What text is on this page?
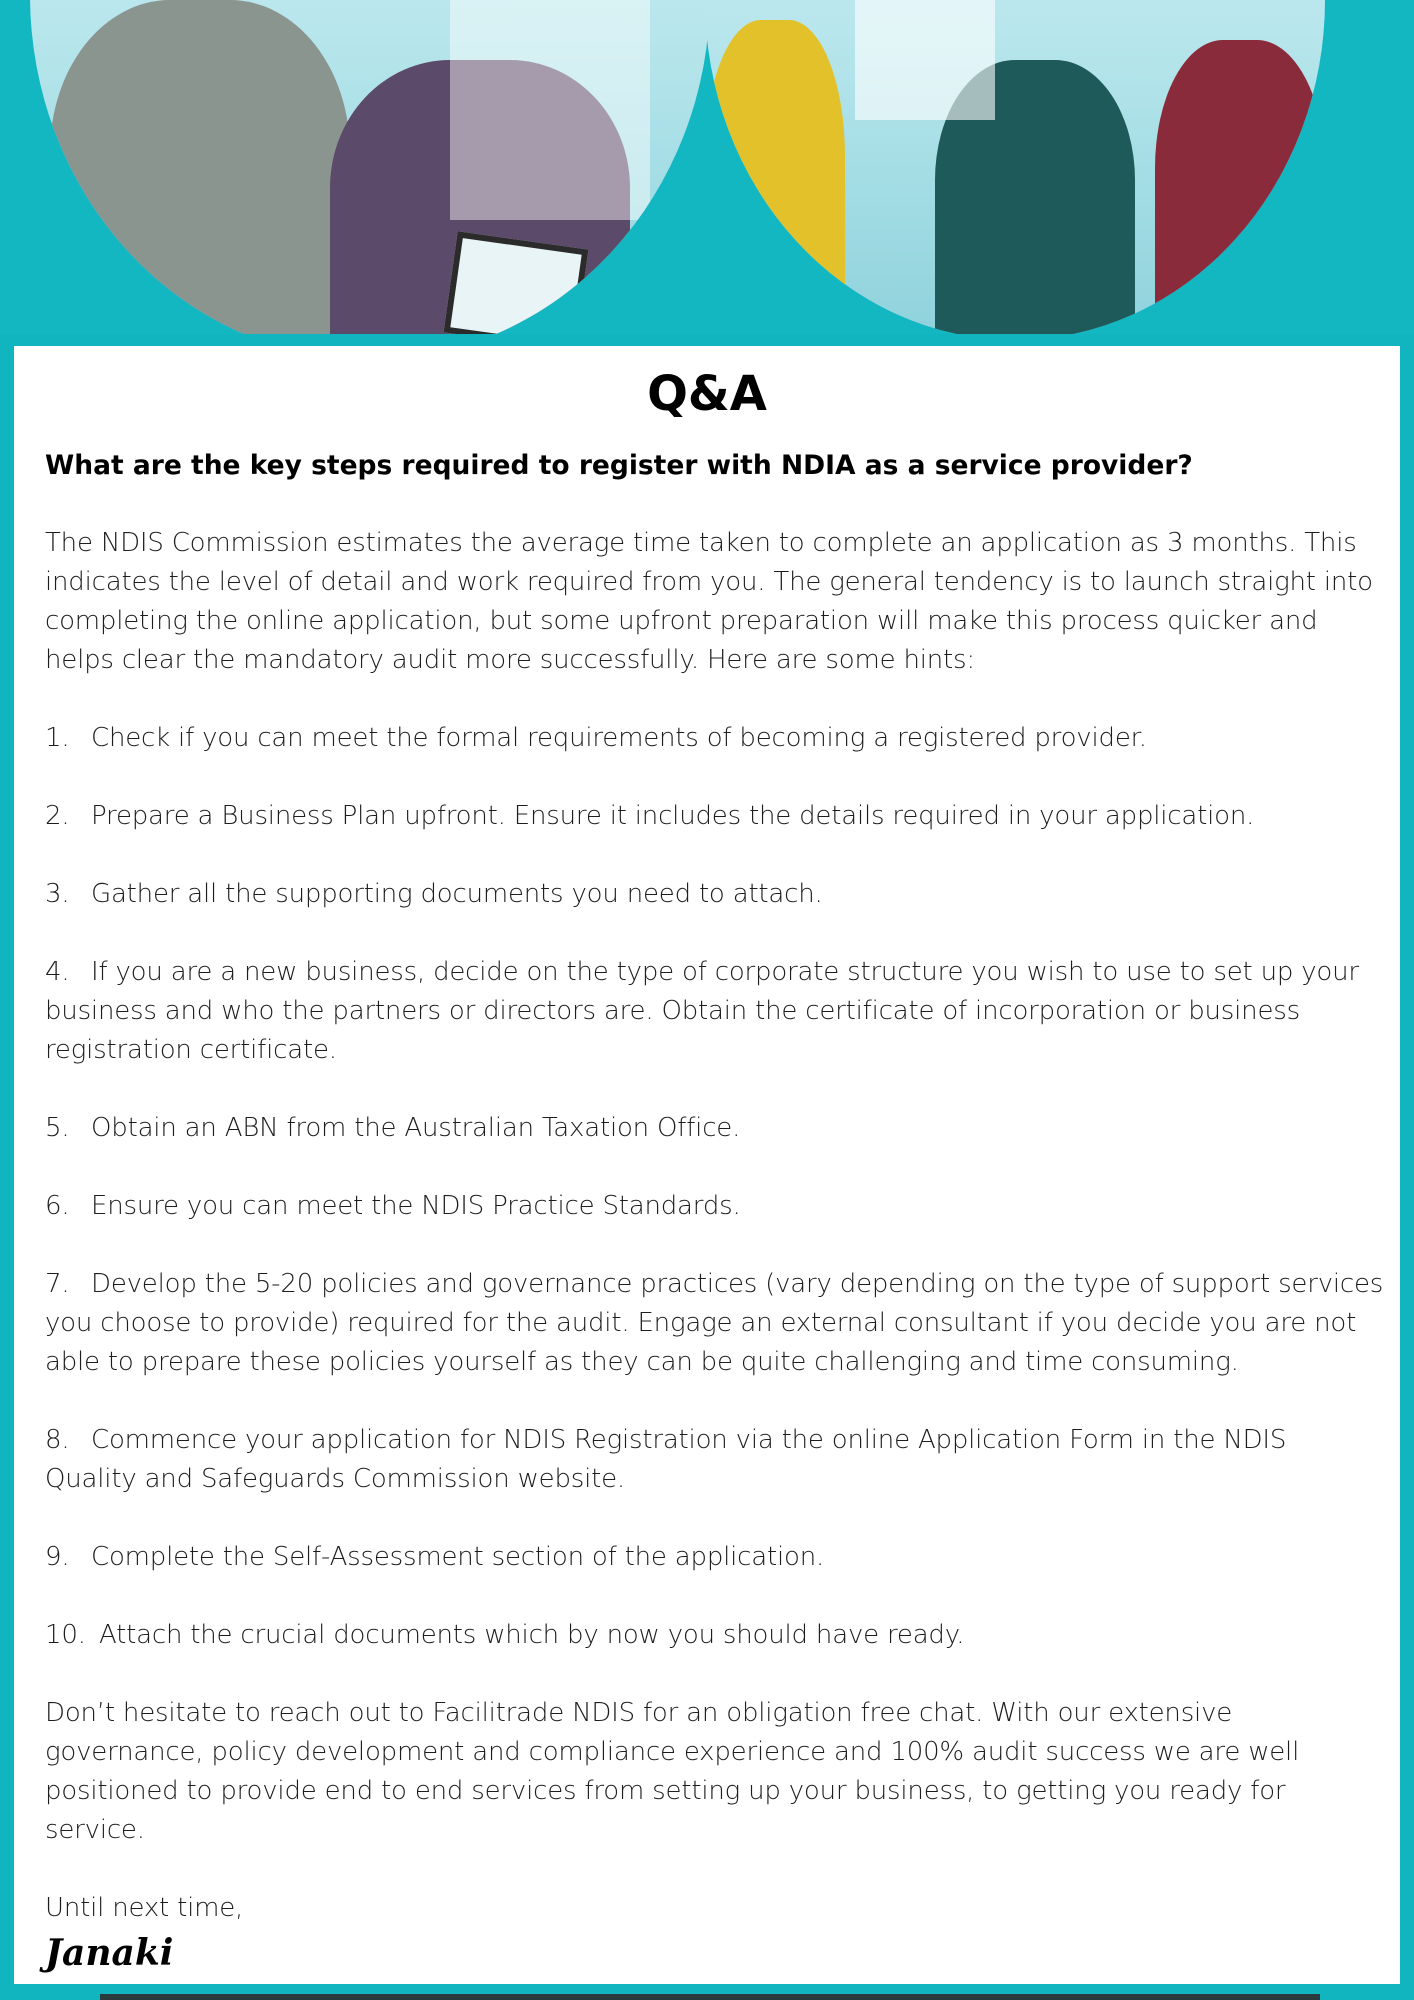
Q&A

What are the key steps required to register with NDIA as a service provider?

The NDIS Commission estimates the average time taken to complete an application as 3 months. This indicates the level of detail and work required from you. The general tendency is to launch straight into completing the online application, but some upfront preparation will make this process quicker and helps clear the mandatory audit more successfully. Here are some hints:

1. Check if you can meet the formal requirements of becoming a registered provider.

2. Prepare a Business Plan upfront. Ensure it includes the details required in your application.

3. Gather all the supporting documents you need to attach.

4. If you are a new business, decide on the type of corporate structure you wish to use to set up your business and who the partners or directors are. Obtain the certificate of incorporation or business registration certificate.

5. Obtain an ABN from the Australian Taxation Office.

6. Ensure you can meet the NDIS Practice Standards.

7. Develop the 5-20 policies and governance practices (vary depending on the type of support services you choose to provide) required for the audit. Engage an external consultant if you decide you are not able to prepare these policies yourself as they can be quite challenging and time consuming.

8. Commence your application for NDIS Registration via the online Application Form in the NDIS Quality and Safeguards Commission website.

9. Complete the Self-Assessment section of the application.

10. Attach the crucial documents which by now you should have ready.

Don’t hesitate to reach out to Facilitrade NDIS for an obligation free chat. With our extensive governance, policy development and compliance experience and 100% audit success we are well positioned to provide end to end services from setting up your business, to getting you ready for service.

Until next time,

Janaki
